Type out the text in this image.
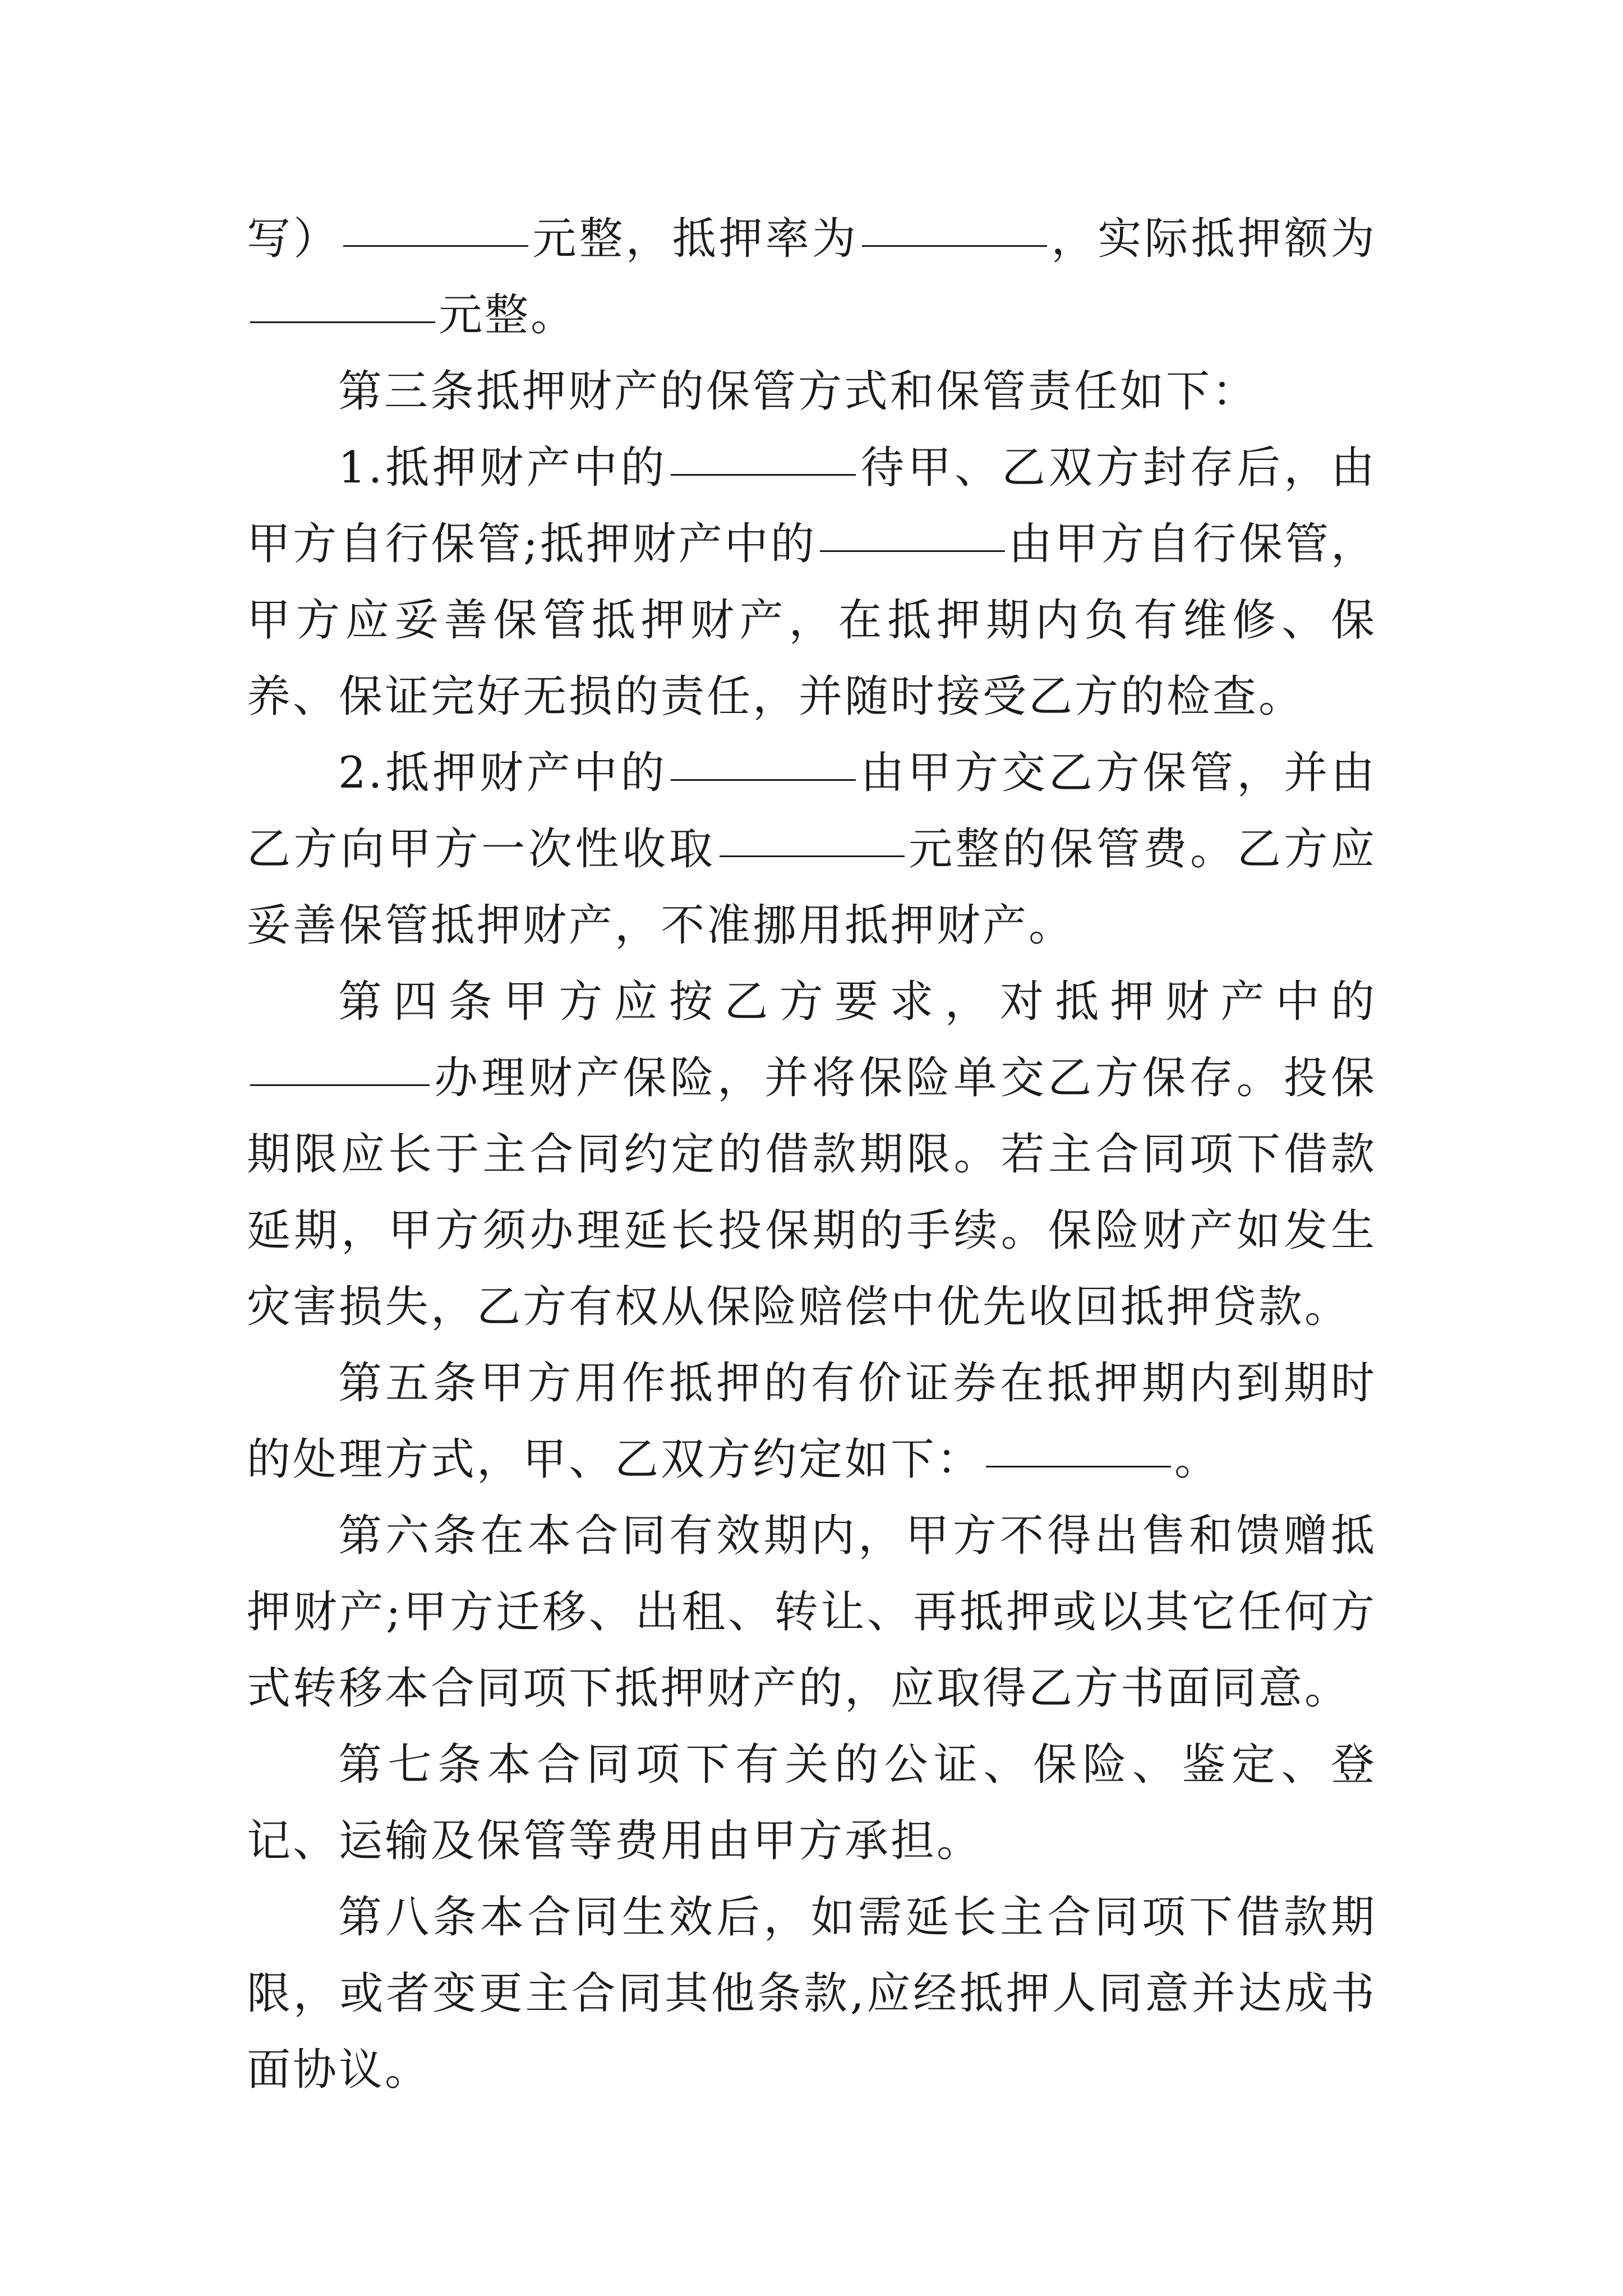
写）	元整，抵押率为	，实际抵押额为元整。

第三条抵押财产的保管方式和保管责任如下：

1.抵押财产中的	待甲、乙双方封存后，由甲方自行保管;抵押财产中的	由甲方自行保管，甲方应妥善保管抵押财产，在抵押期内负有维修、保养、保证完好无损的责任，并随时接受乙方的检查。

2.抵押财产中的	由甲方交乙方保管，并由乙方向甲方一次性收取	元整的保管费。乙方应妥善保管抵押财产，不准挪用抵押财产。

第四条甲方应按乙方要求，对抵押财产中的办理财产保险，并将保险单交乙方保存。投保期限应长于主合同约定的借款期限。若主合同项下借款延期，甲方须办理延长投保期的手续。保险财产如发生灾害损失，乙方有权从保险赔偿中优先收回抵押贷款。

第五条甲方用作抵押的有价证券在抵押期内到期时的处理方式，甲、乙双方约定如下：	。

第六条在本合同有效期内，甲方不得出售和馈赠抵押财产;甲方迁移、出租、转让、再抵押或以其它任何方式转移本合同项下抵押财产的，应取得乙方书面同意。

第七条本合同项下有关的公证、保险、鉴定、登记、运输及保管等费用由甲方承担。

第八条本合同生效后，如需延长主合同项下借款期限，或者变更主合同其他条款,应经抵押人同意并达成书面协议。
